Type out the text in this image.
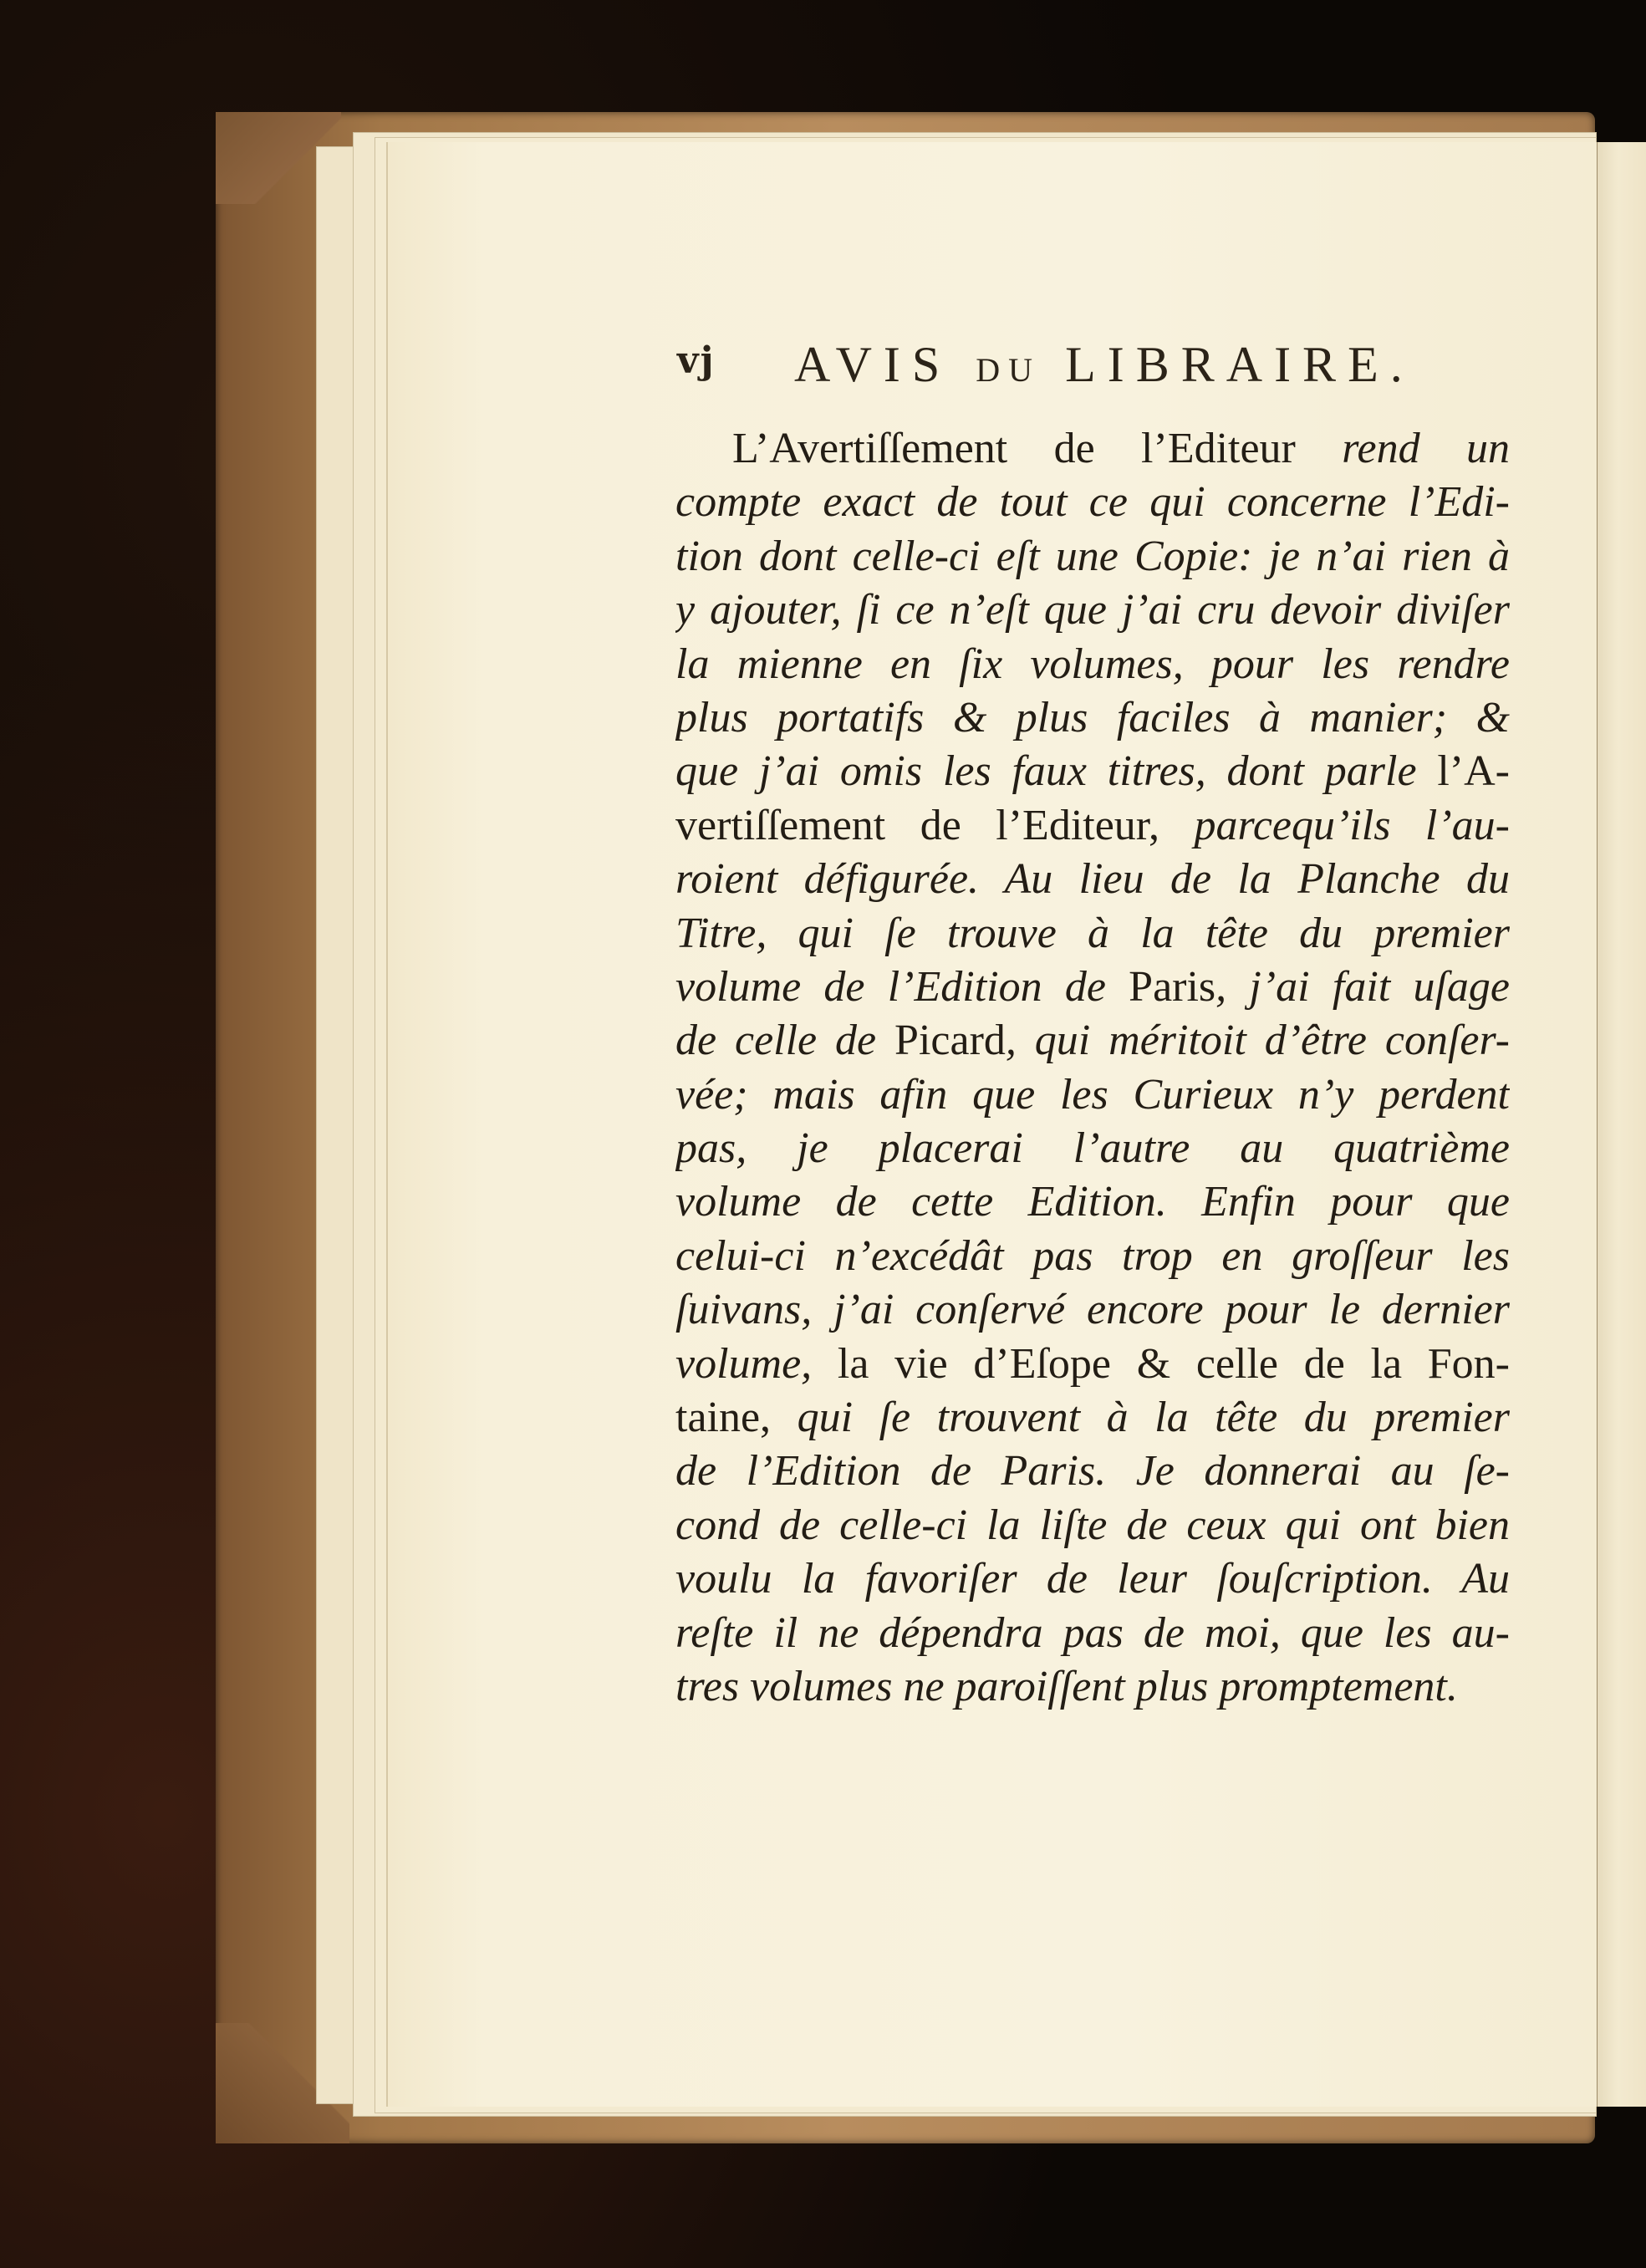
vj AVIS DU LIBRAIRE.
L’Avertiſſement de l’Editeur rend un
compte exact de tout ce qui concerne l’Edi-
tion dont celle-ci eſt une Copie: je n’ai rien à
y ajouter, ſi ce n’eſt que j’ai cru devoir diviſer
la mienne en ſix volumes, pour les rendre
plus portatifs & plus faciles à manier; &
que j’ai omis les faux titres, dont parle l’A-
vertiſſement de l’Editeur, parcequ’ils l’au-
roient défigurée. Au lieu de la Planche du
Titre, qui ſe trouve à la tête du premier
volume de l’Edition de Paris, j’ai fait uſage
de celle de Picard, qui méritoit d’être conſer-
vée; mais afin que les Curieux n’y perdent
pas, je placerai l’autre au quatrième
volume de cette Edition. Enfin pour que
celui-ci n’excédât pas trop en groſſeur les
ſuivans, j’ai conſervé encore pour le dernier
volume, la vie d’Eſope & celle de la Fon-
taine, qui ſe trouvent à la tête du premier
de l’Edition de Paris. Je donnerai au ſe-
cond de celle-ci la liſte de ceux qui ont bien
voulu la favoriſer de leur ſouſcription. Au
reſte il ne dépendra pas de moi, que les au-
tres volumes ne paroiſſent plus promptement.
